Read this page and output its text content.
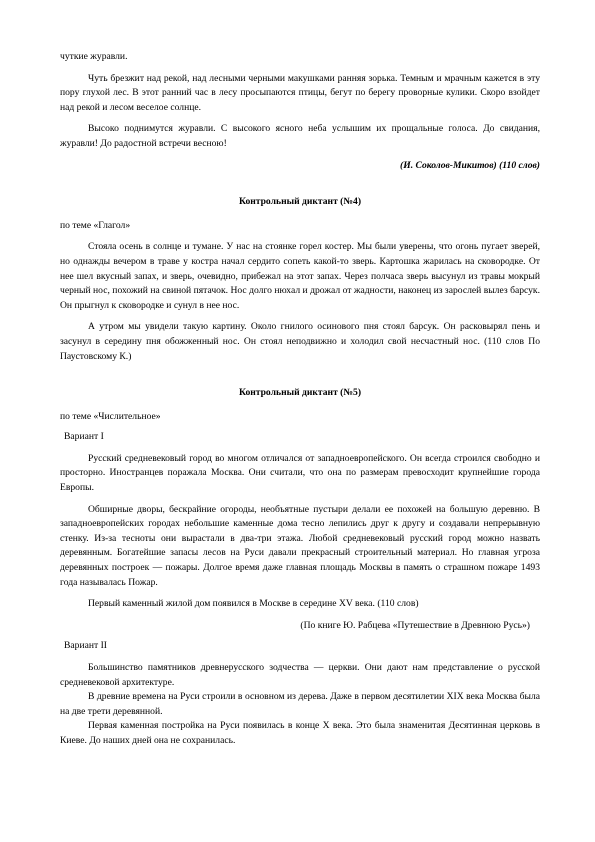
чуткие журавли.

Чуть брезжит над рекой, над лесными черными макушками ранняя зорька. Темным и мрачным кажется в эту пору глухой лес. В этот ранний час в лесу просыпаются птицы, бегут по берегу проворные кулики. Скоро взойдет над рекой и лесом веселое солнце.

Высоко поднимутся журавли. С высокого ясного неба услышим их прощальные голоса. До свидания, журавли! До радостной встречи весною!

(И. Соколов-Микитов) (110 слов)

Контрольный диктант (№4)

по теме «Глагол»

Стояла осень в солнце и тумане. У нас на стоянке горел костер. Мы были уверены, что огонь пугает зверей, но однажды вечером в траве у костра начал сердито сопеть какой-то зверь. Картошка жарилась на сковородке. От нее шел вкусный запах, и зверь, очевидно, прибежал на этот запах. Через полчаса зверь высунул из травы мокрый черный нос, похожий на свиной пятачок. Нос долго нюхал и дрожал от жадности, наконец из зарослей вылез барсук. Он прыгнул к сковородке и сунул в нее нос.

А утром мы увидели такую картину. Около гнилого осинового пня стоял барсук. Он расковырял пень и засунул в середину пня обожженный нос. Он стоял неподвижно и холодил свой несчастный нос. (110 слов По Паустовскому К.)

Контрольный диктант (№5)

по теме «Числительное»

Вариант I

Русский средневековый город во многом отличался от западноевропейского. Он всегда строился свободно и просторно. Иностранцев поражала Москва. Они считали, что она по размерам превосходит крупнейшие города Европы.

Обширные дворы, бескрайние огороды, необъятные пустыри делали ее похожей на большую деревню. В западноевропейских городах небольшие каменные дома тесно лепились друг к другу и создавали непрерывную стенку. Из-за тесноты они вырастали в два-три этажа. Любой средневековый русский город можно назвать деревянным. Богатейшие запасы лесов на Руси давали прекрасный строительный материал. Но главная угроза деревянных построек — пожары. Долгое время даже главная площадь Москвы в память о страшном пожаре 1493 года называлась Пожар.

Первый каменный жилой дом появился в Москве в середине XV века. (110 слов)

(По книге Ю. Рабцева «Путешествие в Древнюю Русь»)

Вариант II

Большинство памятников древнерусского зодчества — церкви. Они дают нам представление о русской средневековой архитектуре.

В древние времена на Руси строили в основном из дерева. Даже в первом десятилетии XIX века Москва была на две трети деревянной.

Первая каменная постройка на Руси появилась в конце X века. Это была знаменитая Десятинная церковь в Киеве. До наших дней она не сохранилась.
